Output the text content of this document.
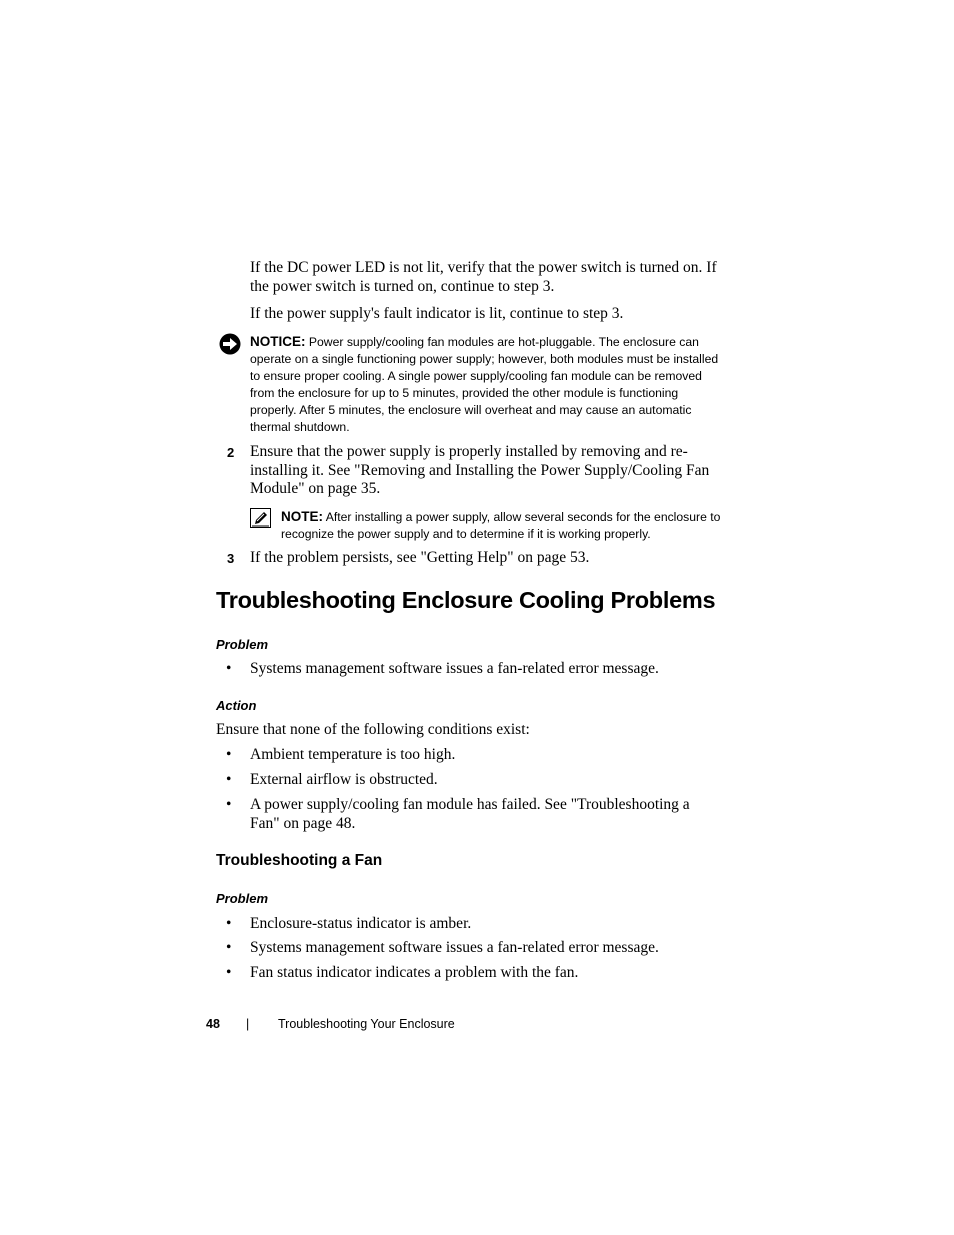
If the DC power LED is not lit, verify that the power switch is turned on. If the power switch is turned on, continue to step 3.
If the power supply's fault indicator is lit, continue to step 3.
NOTICE: Power supply/cooling fan modules are hot-pluggable. The enclosure can operate on a single functioning power supply; however, both modules must be installed to ensure proper cooling. A single power supply/cooling fan module can be removed from the enclosure for up to 5 minutes, provided the other module is functioning properly. After 5 minutes, the enclosure will overheat and may cause an automatic thermal shutdown.
2 Ensure that the power supply is properly installed by removing and re-installing it. See "Removing and Installing the Power Supply/Cooling Fan Module" on page 35.
NOTE: After installing a power supply, allow several seconds for the enclosure to recognize the power supply and to determine if it is working properly.
3 If the problem persists, see "Getting Help" on page 53.
Troubleshooting Enclosure Cooling Problems
Problem
• Systems management software issues a fan-related error message.
Action
Ensure that none of the following conditions exist:
• Ambient temperature is too high.
• External airflow is obstructed.
• A power supply/cooling fan module has failed. See "Troubleshooting a Fan" on page 48.
Troubleshooting a Fan
Problem
• Enclosure-status indicator is amber.
• Systems management software issues a fan-related error message.
• Fan status indicator indicates a problem with the fan.
48 | Troubleshooting Your Enclosure
